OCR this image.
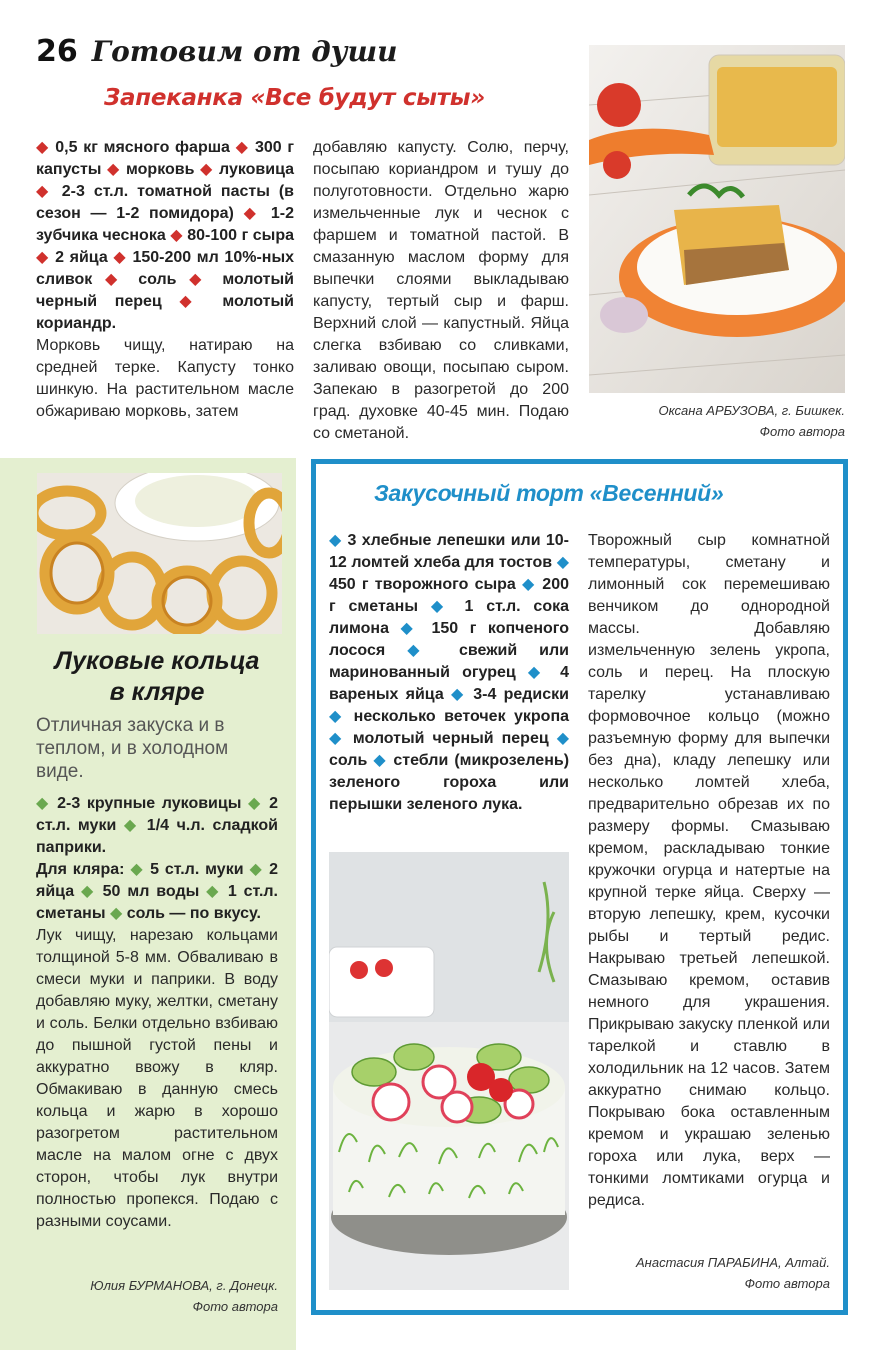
26 Готовим от души
Запеканка «Все будут сыты»

◆ 0,5 кг мясного фарша ◆ 300 г капусты ◆ морковь ◆ луковица ◆ 2-3 ст.л. томатной пасты (в сезон — 1-2 помидора) ◆ 1-2 зубчика чеснока ◆ 80-100 г сыра ◆ 2 яйца ◆ 150-200 мл 10%-ных сливок ◆ соль ◆ молотый черный перец ◆ молотый кориандр.

Морковь чищу, натираю на средней терке. Капусту тонко шинкую. На растительном масле обжариваю морковь, затем

добавляю капусту. Солю, перчу, посыпаю кориандром и тушу до полуготовности. Отдельно жарю измельченные лук и чеснок с фаршем и томатной пастой. В смазанную маслом форму для выпечки слоями выкладываю капусту, тертый сыр и фарш. Верхний слой — капустный. Яйца слегка взбиваю со сливками, заливаю овощи, посыпаю сыром. Запекаю в разогретой до 200 град. духовке 40-45 мин. Подаю со сметаной.

Оксана АРБУЗОВА, г. Бишкек.
Фото автора
Луковые кольца
в кляре
Отличная закуска и в теплом, и в холодном виде.

◆ 2-3 крупные луковицы ◆ 2 ст.л. муки ◆ 1/4 ч.л. сладкой паприки.

Для кляра: ◆ 5 ст.л. муки ◆ 2 яйца ◆ 50 мл воды ◆ 1 ст.л. сметаны ◆ соль — по вкусу.

Лук чищу, нарезаю кольцами толщиной 5-8 мм. Обваливаю в смеси муки и паприки. В воду добавляю муку, желтки, сметану и соль. Белки отдельно взбиваю до пышной густой пены и аккуратно ввожу в кляр. Обмакиваю в данную смесь кольца и жарю в хорошо разогретом растительном масле на малом огне с двух сторон, чтобы лук внутри полностью пропекся. Подаю с разными соусами.

Юлия БУРМАНОВА, г. Донецк.
Фото автора
Закусочный торт «Весенний»

◆ 3 хлебные лепешки или 10-12 ломтей хлеба для тостов ◆ 450 г творожного сыра ◆ 200 г сметаны ◆ 1 ст.л. сока лимона ◆ 150 г копченого лосося ◆ свежий или маринованный огурец ◆ 4 вареных яйца ◆ 3-4 редиски ◆ несколько веточек укропа ◆ молотый черный перец ◆ соль ◆ стебли (микрозелень) зеленого гороха или перышки зеленого лука.

Творожный сыр комнатной температуры, сметану и лимонный сок перемешиваю венчиком до однородной массы. Добавляю измельченную зелень укропа, соль и перец. На плоскую тарелку устанавливаю формовочное кольцо (можно разъемную форму для выпечки без дна), кладу лепешку или несколько ломтей хлеба, предварительно обрезав их по размеру формы. Смазываю кремом, раскладываю тонкие кружочки огурца и натертые на крупной терке яйца. Сверху — вторую лепешку, крем, кусочки рыбы и тертый редис. Накрываю третьей лепешкой. Смазываю кремом, оставив немного для украшения. Прикрываю закуску пленкой или тарелкой и ставлю в холодильник на 12 часов. Затем аккуратно снимаю кольцо. Покрываю бока оставленным кремом и украшаю зеленью гороха или лука, верх — тонкими ломтиками огурца и редиса.

Анастасия ПАРАБИНА, Алтай.
Фото автора
